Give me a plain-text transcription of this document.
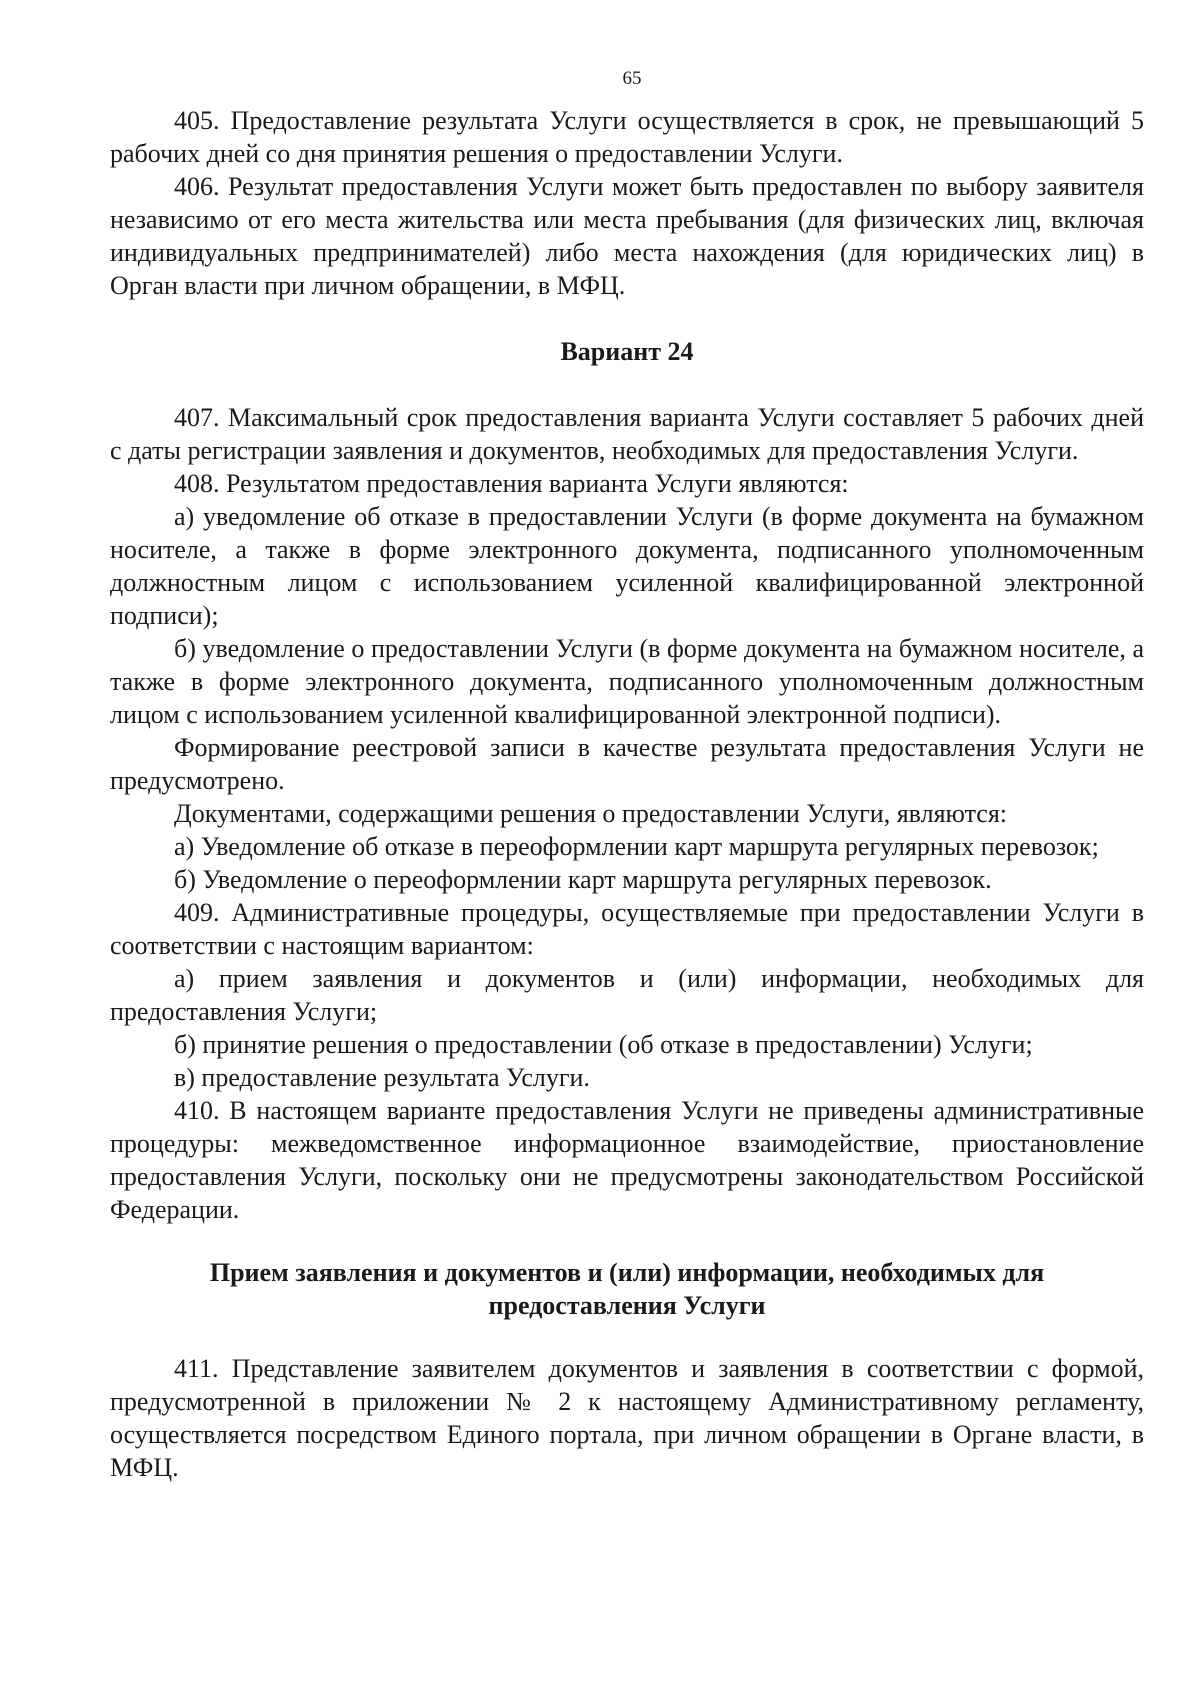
65

405. Предоставление результата Услуги осуществляется в срок, не превышающий 5 рабочих дней со дня принятия решения о предоставлении Услуги.

406. Результат предоставления Услуги может быть предоставлен по выбору заявителя независимо от его места жительства или места пребывания (для физических лиц, включая индивидуальных предпринимателей) либо места нахождения (для юридических лиц) в Орган власти при личном обращении, в МФЦ.

Вариант 24

407. Максимальный срок предоставления варианта Услуги составляет 5 рабочих дней с даты регистрации заявления и документов, необходимых для предоставления Услуги.

408. Результатом предоставления варианта Услуги являются:

а) уведомление об отказе в предоставлении Услуги (в форме документа на бумажном носителе, а также в форме электронного документа, подписанного уполномоченным должностным лицом с использованием усиленной квалифицированной электронной подписи);

б) уведомление о предоставлении Услуги (в форме документа на бумажном носителе, а также в форме электронного документа, подписанного уполномоченным должностным лицом с использованием усиленной квалифицированной электронной подписи).

Формирование реестровой записи в качестве результата предоставления Услуги не предусмотрено.

Документами, содержащими решения о предоставлении Услуги, являются:

а) Уведомление об отказе в переоформлении карт маршрута регулярных перевозок;

б) Уведомление о переоформлении карт маршрута регулярных перевозок.

409. Административные процедуры, осуществляемые при предоставлении Услуги в соответствии с настоящим вариантом:

а) прием заявления и документов и (или) информации, необходимых для предоставления Услуги;

б) принятие решения о предоставлении (об отказе в предоставлении) Услуги;

в) предоставление результата Услуги.

410. В настоящем варианте предоставления Услуги не приведены административные процедуры: межведомственное информационное взаимодействие, приостановление предоставления Услуги, поскольку они не предусмотрены законодательством Российской Федерации.

Прием заявления и документов и (или) информации, необходимых для предоставления Услуги

411. Представление заявителем документов и заявления в соответствии с формой, предусмотренной в приложении № 2 к настоящему Административному регламенту, осуществляется посредством Единого портала, при личном обращении в Органе власти, в МФЦ.
